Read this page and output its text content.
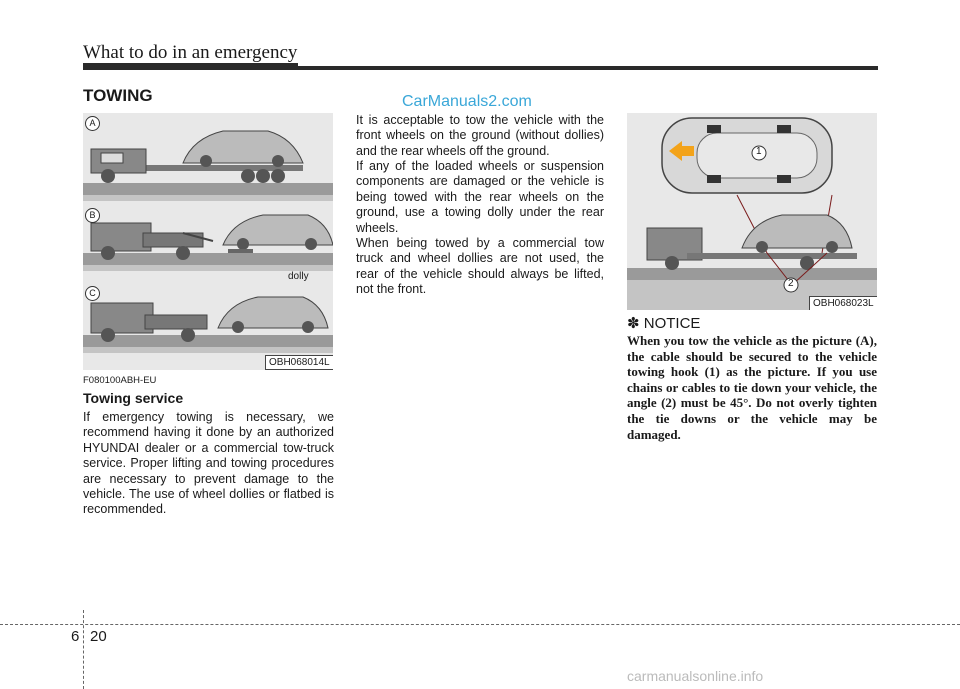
What to do in an emergency
TOWING	CarManuals2.com
A
B
C
dolly
OBH068014L
F080100ABH-EU
Towing service
If emergency towing is necessary, we recommend having it done by an authorized HYUNDAI dealer or a commercial tow-truck service. Proper lifting and towing procedures are necessary to prevent damage to the vehicle. The use of wheel dollies or flatbed is recommended.
It is acceptable to tow the vehicle with the front wheels on the ground (without dollies) and the rear wheels off the ground.
If any of the loaded wheels or suspension components are damaged or the vehicle is being towed with the rear wheels on the ground, use a towing dolly under the rear wheels.
When being towed by a commercial tow truck and wheel dollies are not used, the rear of the vehicle should always be lifted, not the front.
1
2
OBH068023L
✽ NOTICE
When you tow the vehicle as the picture (A), the cable should be secured to the vehicle towing hook (1) as the picture. If you use chains or cables to tie down your vehicle, the angle (2) must be 45°. Do not overly tighten the tie downs or the vehicle may be damaged.
6 20
carmanualsonline.info
